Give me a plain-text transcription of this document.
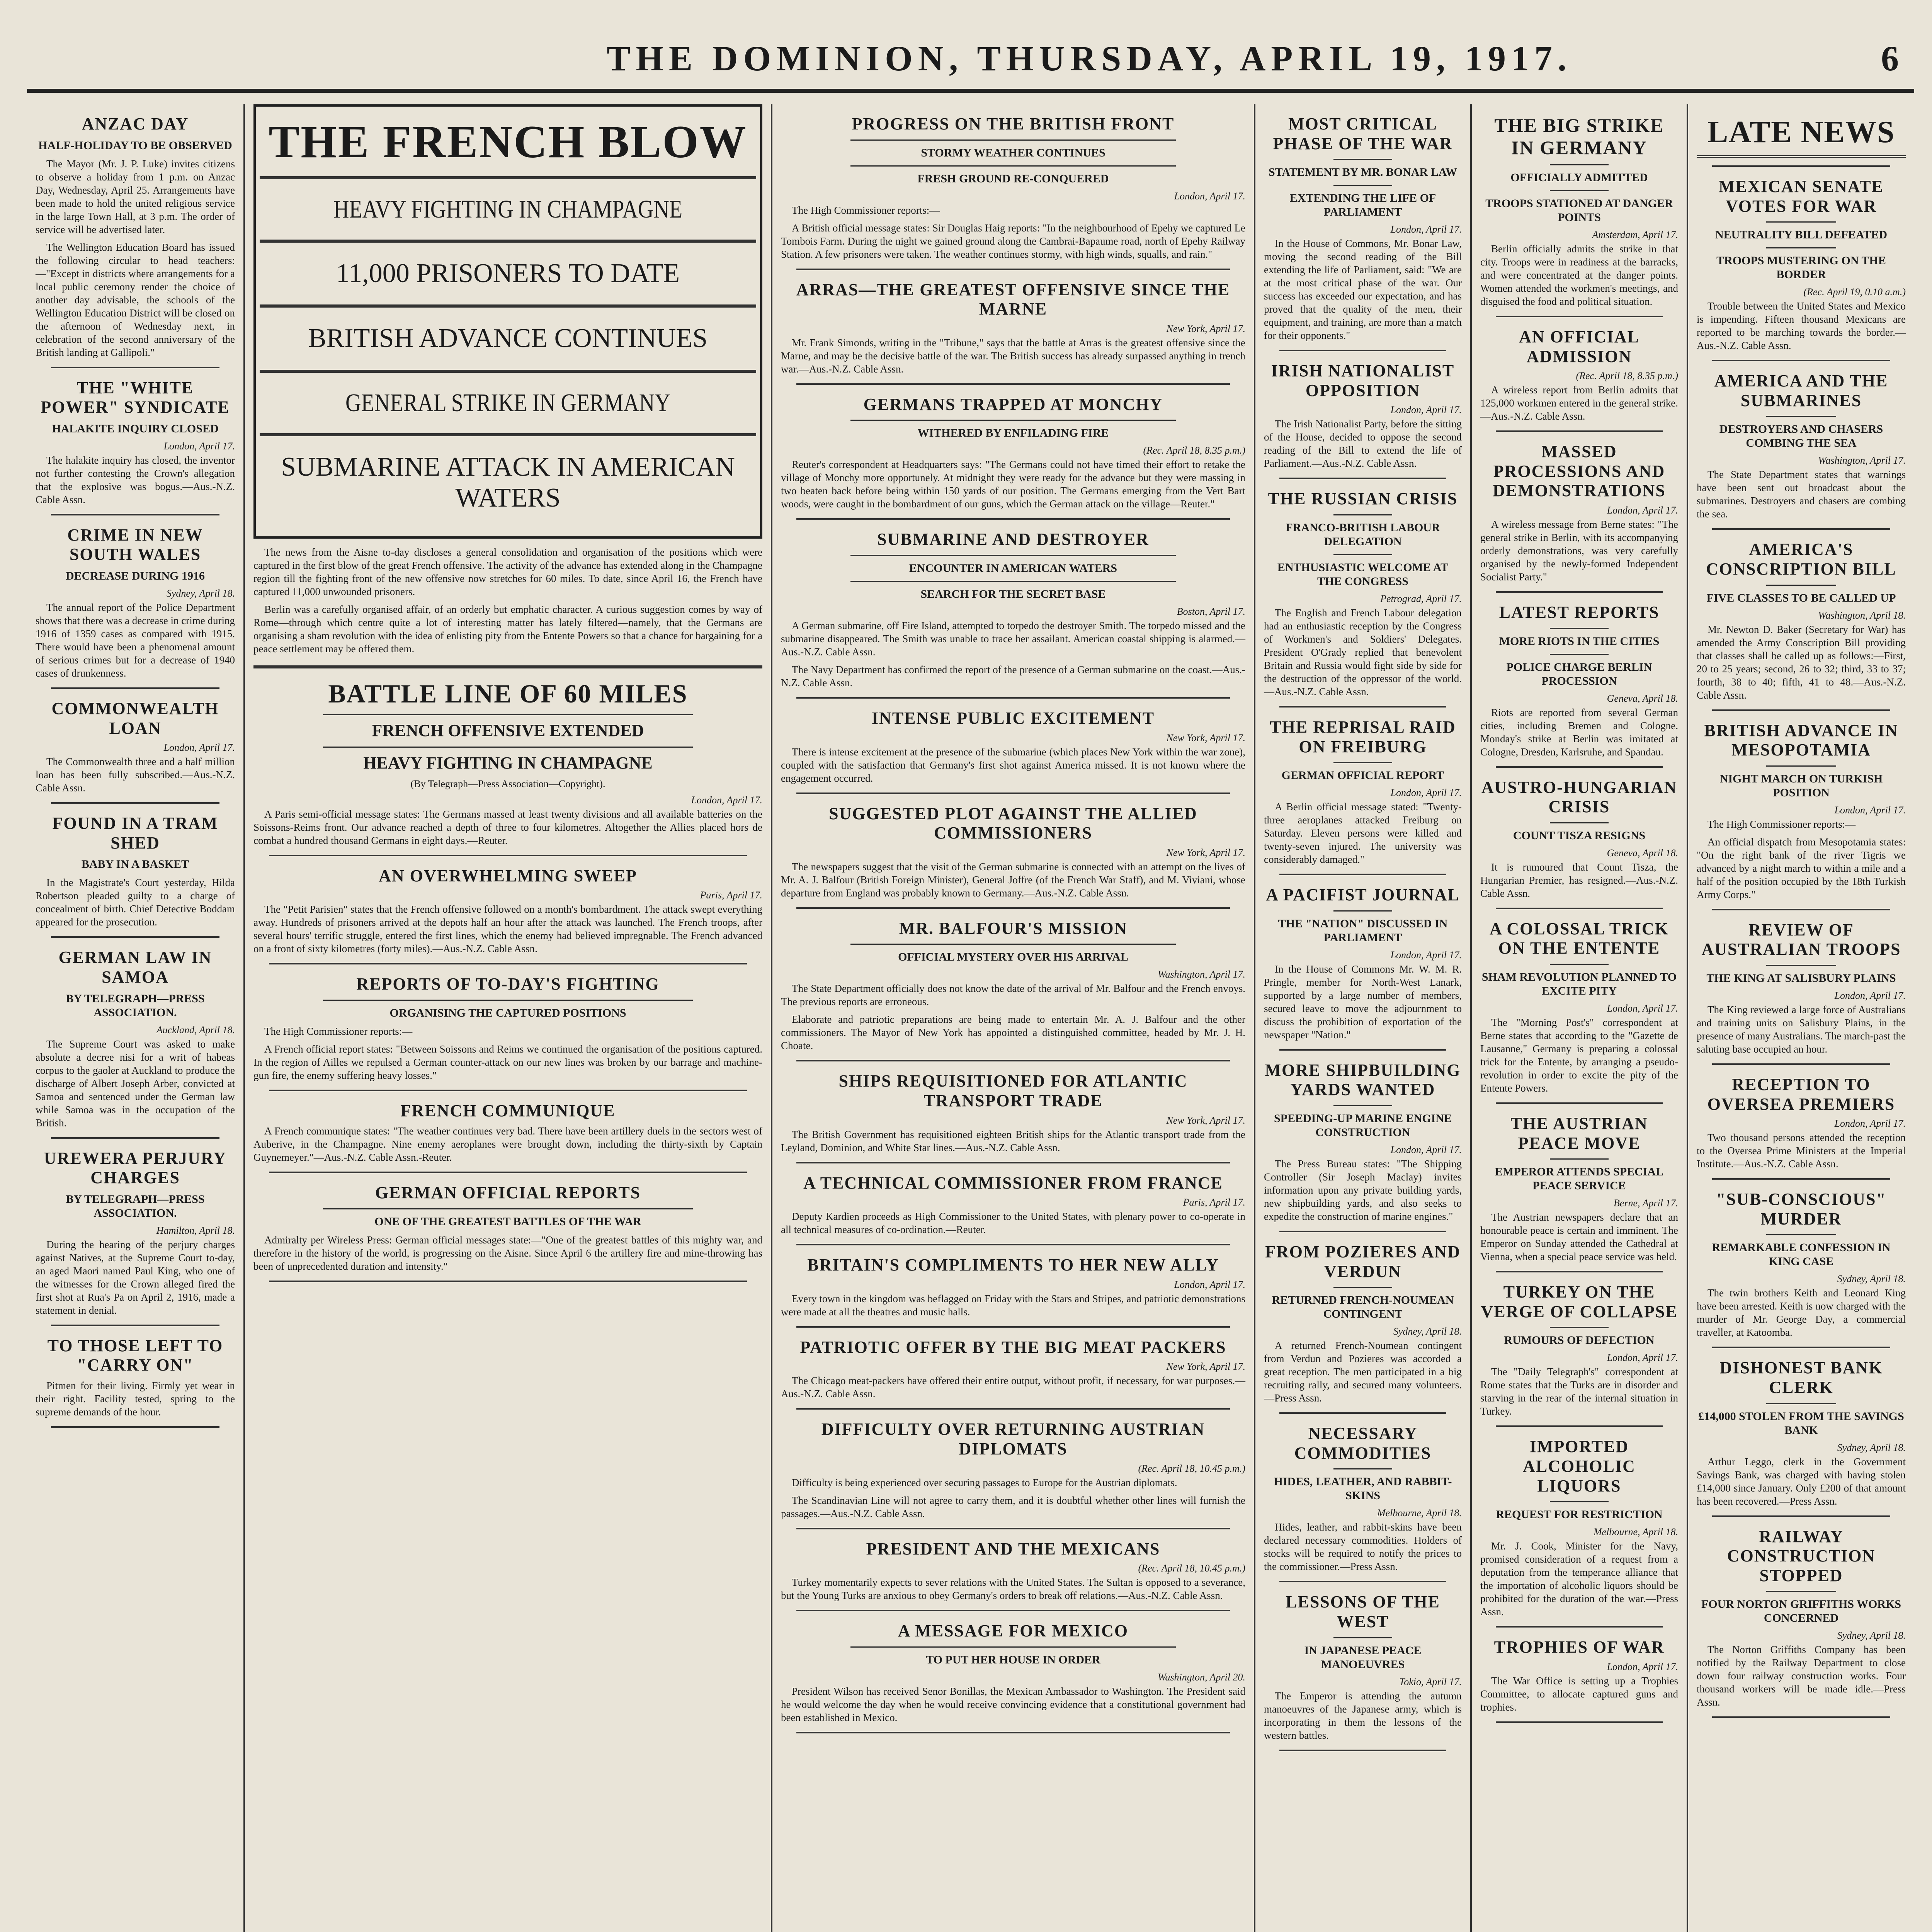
THE DOMINION, THURSDAY, APRIL 19, 1917.	6
ANZAC DAY
HALF-HOLIDAY TO BE OBSERVED

The Mayor (Mr. J. P. Luke) invites citizens to observe a holiday from 1 p.m. on Anzac Day, Wednesday, April 25. Arrangements have been made to hold the united religious service in the large Town Hall, at 3 p.m. The order of service will be advertised later.

The Wellington Education Board has issued the following circular to head teachers:—"Except in districts where arrangements for a local public ceremony render the choice of another day advisable, the schools of the Wellington Education District will be closed on the afternoon of Wednesday next, in celebration of the second anniversary of the British landing at Gallipoli."

THE "WHITE POWER" SYNDICATE
HALAKITE INQUIRY CLOSED
London, April 17.

The halakite inquiry has closed, the inventor not further contesting the Crown's allegation that the explosive was bogus.—Aus.-N.Z. Cable Assn.

CRIME IN NEW SOUTH WALES
DECREASE DURING 1916
Sydney, April 18.

The annual report of the Police Department shows that there was a decrease in crime during 1916 of 1359 cases as compared with 1915. There would have been a phenomenal amount of serious crimes but for a decrease of 1940 cases of drunkenness.

COMMONWEALTH LOAN
London, April 17.

The Commonwealth three and a half million loan has been fully subscribed.—Aus.-N.Z. Cable Assn.

FOUND IN A TRAM SHED
BABY IN A BASKET

In the Magistrate's Court yesterday, Hilda Robertson pleaded guilty to a charge of concealment of birth. Chief Detective Boddam appeared for the prosecution.

GERMAN LAW IN SAMOA
BY TELEGRAPH—PRESS ASSOCIATION.
Auckland, April 18.

The Supreme Court was asked to make absolute a decree nisi for a writ of habeas corpus to the gaoler at Auckland to produce the discharge of Albert Joseph Arber, convicted at Samoa and sentenced under the German law while Samoa was in the occupation of the British.

UREWERA PERJURY CHARGES
BY TELEGRAPH—PRESS ASSOCIATION.
Hamilton, April 18.

During the hearing of the perjury charges against Natives, at the Supreme Court to-day, an aged Maori named Paul King, who one of the witnesses for the Crown alleged fired the first shot at Rua's Pa on April 2, 1916, made a statement in denial.

TO THOSE LEFT TO "CARRY ON"

Pitmen for their living. Firmly yet wear in their right. Facility tested, spring to the supreme demands of the hour.

THE FRENCH BLOW
HEAVY FIGHTING IN CHAMPAGNE
11,000 PRISONERS TO DATE
BRITISH ADVANCE CONTINUES
GENERAL STRIKE IN GERMANY
SUBMARINE ATTACK IN AMERICAN WATERS

The news from the Aisne to-day discloses a general consolidation and organisation of the positions which were captured in the first blow of the great French offensive. The activity of the advance has extended along in the Champagne region till the fighting front of the new offensive now stretches for 60 miles. To date, since April 16, the French have captured 11,000 unwounded prisoners.

Berlin was a carefully organised affair, of an orderly but emphatic character. A curious suggestion comes by way of Rome—through which centre quite a lot of interesting matter has lately filtered—namely, that the Germans are organising a sham revolution with the idea of enlisting pity from the Entente Powers so that a chance for bargaining for a peace settlement may be offered them.

BATTLE LINE OF 60 MILES
FRENCH OFFENSIVE EXTENDED
HEAVY FIGHTING IN CHAMPAGNE
(By Telegraph—Press Association—Copyright).
London, April 17.

A Paris semi-official message states: The Germans massed at least twenty divisions and all available batteries on the Soissons-Reims front. Our advance reached a depth of three to four kilometres. Altogether the Allies placed hors de combat a hundred thousand Germans in eight days.—Reuter.

AN OVERWHELMING SWEEP
Paris, April 17.

The "Petit Parisien" states that the French offensive followed on a month's bombardment. The attack swept everything away. Hundreds of prisoners arrived at the depots half an hour after the attack was launched. The French troops, after several hours' terrific struggle, entered the first lines, which the enemy had believed impregnable. The French advanced on a front of sixty kilometres (forty miles).—Aus.-N.Z. Cable Assn.

REPORTS OF TO-DAY'S FIGHTING
ORGANISING THE CAPTURED POSITIONS

The High Commissioner reports:—

A French official report states: "Between Soissons and Reims we continued the organisation of the positions captured. In the region of Ailles we repulsed a German counter-attack on our new lines was broken by our barrage and machine-gun fire, the enemy suffering heavy losses."

FRENCH COMMUNIQUE

A French communique states: "The weather continues very bad. There have been artillery duels in the sectors west of Auberive, in the Champagne. Nine enemy aeroplanes were brought down, including the thirty-sixth by Captain Guynemeyer."—Aus.-N.Z. Cable Assn.-Reuter.

GERMAN OFFICIAL REPORTS
ONE OF THE GREATEST BATTLES OF THE WAR

Admiralty per Wireless Press: German official messages state:—"One of the greatest battles of this mighty war, and therefore in the history of the world, is progressing on the Aisne. Since April 6 the artillery fire and mine-throwing has been of unprecedented duration and intensity."

PROGRESS ON THE BRITISH FRONT
STORMY WEATHER CONTINUES
FRESH GROUND RE-CONQUERED
London, April 17.

The High Commissioner reports:—

A British official message states: Sir Douglas Haig reports: "In the neighbourhood of Epehy we captured Le Tombois Farm. During the night we gained ground along the Cambrai-Bapaume road, north of Epehy Railway Station. A few prisoners were taken. The weather continues stormy, with high winds, squalls, and rain."

ARRAS—THE GREATEST OFFENSIVE SINCE THE MARNE
New York, April 17.

Mr. Frank Simonds, writing in the "Tribune," says that the battle at Arras is the greatest offensive since the Marne, and may be the decisive battle of the war. The British success has already surpassed anything in trench war.—Aus.-N.Z. Cable Assn.

GERMANS TRAPPED AT MONCHY
WITHERED BY ENFILADING FIRE
(Rec. April 18, 8.35 p.m.)

Reuter's correspondent at Headquarters says: "The Germans could not have timed their effort to retake the village of Monchy more opportunely. At midnight they were ready for the advance but they were massing in two beaten back before being within 150 yards of our position. The Germans emerging from the Vert Bart woods, were caught in the bombardment of our guns, which the German attack on the village—Reuter."

SUBMARINE AND DESTROYER
ENCOUNTER IN AMERICAN WATERS
SEARCH FOR THE SECRET BASE
Boston, April 17.

A German submarine, off Fire Island, attempted to torpedo the destroyer Smith. The torpedo missed and the submarine disappeared. The Smith was unable to trace her assailant. American coastal shipping is alarmed.—Aus.-N.Z. Cable Assn.

The Navy Department has confirmed the report of the presence of a German submarine on the coast.—Aus.-N.Z. Cable Assn.

INTENSE PUBLIC EXCITEMENT
New York, April 17.

There is intense excitement at the presence of the submarine (which places New York within the war zone), coupled with the satisfaction that Germany's first shot against America missed. It is not known where the engagement occurred.

SUGGESTED PLOT AGAINST THE ALLIED COMMISSIONERS
New York, April 17.

The newspapers suggest that the visit of the German submarine is connected with an attempt on the lives of Mr. A. J. Balfour (British Foreign Minister), General Joffre (of the French War Staff), and M. Viviani, whose departure from England was probably known to Germany.—Aus.-N.Z. Cable Assn.

MR. BALFOUR'S MISSION
OFFICIAL MYSTERY OVER HIS ARRIVAL
Washington, April 17.

The State Department officially does not know the date of the arrival of Mr. Balfour and the French envoys. The previous reports are erroneous.

Elaborate and patriotic preparations are being made to entertain Mr. A. J. Balfour and the other commissioners. The Mayor of New York has appointed a distinguished committee, headed by Mr. J. H. Choate.

SHIPS REQUISITIONED FOR ATLANTIC TRANSPORT TRADE
New York, April 17.

The British Government has requisitioned eighteen British ships for the Atlantic transport trade from the Leyland, Dominion, and White Star lines.—Aus.-N.Z. Cable Assn.

A TECHNICAL COMMISSIONER FROM FRANCE
Paris, April 17.

Deputy Kardien proceeds as High Commissioner to the United States, with plenary power to co-operate in all technical measures of co-ordination.—Reuter.

BRITAIN'S COMPLIMENTS TO HER NEW ALLY
London, April 17.

Every town in the kingdom was beflagged on Friday with the Stars and Stripes, and patriotic demonstrations were made at all the theatres and music halls.

PATRIOTIC OFFER BY THE BIG MEAT PACKERS
New York, April 17.

The Chicago meat-packers have offered their entire output, without profit, if necessary, for war purposes.—Aus.-N.Z. Cable Assn.

DIFFICULTY OVER RETURNING AUSTRIAN DIPLOMATS
(Rec. April 18, 10.45 p.m.)

Difficulty is being experienced over securing passages to Europe for the Austrian diplomats.

The Scandinavian Line will not agree to carry them, and it is doubtful whether other lines will furnish the passages.—Aus.-N.Z. Cable Assn.

PRESIDENT AND THE MEXICANS
(Rec. April 18, 10.45 p.m.)

Turkey momentarily expects to sever relations with the United States. The Sultan is opposed to a severance, but the Young Turks are anxious to obey Germany's orders to break off relations.—Aus.-N.Z. Cable Assn.

A MESSAGE FOR MEXICO
TO PUT HER HOUSE IN ORDER
Washington, April 20.

President Wilson has received Senor Bonillas, the Mexican Ambassador to Washington. The President said he would welcome the day when he would receive convincing evidence that a constitutional government had been established in Mexico.

MOST CRITICAL PHASE OF THE WAR
STATEMENT BY MR. BONAR LAW
EXTENDING THE LIFE OF PARLIAMENT
London, April 17.

In the House of Commons, Mr. Bonar Law, moving the second reading of the Bill extending the life of Parliament, said: "We are at the most critical phase of the war. Our success has exceeded our expectation, and has proved that the quality of the men, their equipment, and training, are more than a match for their opponents."

IRISH NATIONALIST OPPOSITION
London, April 17.

The Irish Nationalist Party, before the sitting of the House, decided to oppose the second reading of the Bill to extend the life of Parliament.—Aus.-N.Z. Cable Assn.

THE RUSSIAN CRISIS
FRANCO-BRITISH LABOUR DELEGATION
ENTHUSIASTIC WELCOME AT THE CONGRESS
Petrograd, April 17.

The English and French Labour delegation had an enthusiastic reception by the Congress of Workmen's and Soldiers' Delegates. President O'Grady replied that benevolent Britain and Russia would fight side by side for the destruction of the oppressor of the world.—Aus.-N.Z. Cable Assn.

THE REPRISAL RAID ON FREIBURG
GERMAN OFFICIAL REPORT
London, April 17.

A Berlin official message stated: "Twenty-three aeroplanes attacked Freiburg on Saturday. Eleven persons were killed and twenty-seven injured. The university was considerably damaged."

A PACIFIST JOURNAL
THE "NATION" DISCUSSED IN PARLIAMENT
London, April 17.

In the House of Commons Mr. W. M. R. Pringle, member for North-West Lanark, supported by a large number of members, secured leave to move the adjournment to discuss the prohibition of exportation of the newspaper "Nation."

MORE SHIPBUILDING YARDS WANTED
SPEEDING-UP MARINE ENGINE CONSTRUCTION
London, April 17.

The Press Bureau states: "The Shipping Controller (Sir Joseph Maclay) invites information upon any private building yards, new shipbuilding yards, and also seeks to expedite the construction of marine engines."

FROM POZIERES AND VERDUN
RETURNED FRENCH-NOUMEAN CONTINGENT
Sydney, April 18.

A returned French-Noumean contingent from Verdun and Pozieres was accorded a great reception. The men participated in a big recruiting rally, and secured many volunteers.—Press Assn.

NECESSARY COMMODITIES
HIDES, LEATHER, AND RABBIT-SKINS
Melbourne, April 18.

Hides, leather, and rabbit-skins have been declared necessary commodities. Holders of stocks will be required to notify the prices to the commissioner.—Press Assn.

LESSONS OF THE WEST
IN JAPANESE PEACE MANOEUVRES
Tokio, April 17.

The Emperor is attending the autumn manoeuvres of the Japanese army, which is incorporating in them the lessons of the western battles.

THE BIG STRIKE IN GERMANY
OFFICIALLY ADMITTED
TROOPS STATIONED AT DANGER POINTS
Amsterdam, April 17.

Berlin officially admits the strike in that city. Troops were in readiness at the barracks, and were concentrated at the danger points. Women attended the workmen's meetings, and disguised the food and political situation.

AN OFFICIAL ADMISSION
(Rec. April 18, 8.35 p.m.)

A wireless report from Berlin admits that 125,000 workmen entered in the general strike.—Aus.-N.Z. Cable Assn.

MASSED PROCESSIONS AND DEMONSTRATIONS
London, April 17.

A wireless message from Berne states: "The general strike in Berlin, with its accompanying orderly demonstrations, was very carefully organised by the newly-formed Independent Socialist Party."

LATEST REPORTS
MORE RIOTS IN THE CITIES
POLICE CHARGE BERLIN PROCESSION
Geneva, April 18.

Riots are reported from several German cities, including Bremen and Cologne. Monday's strike at Berlin was imitated at Cologne, Dresden, Karlsruhe, and Spandau.

AUSTRO-HUNGARIAN CRISIS
COUNT TISZA RESIGNS
Geneva, April 18.

It is rumoured that Count Tisza, the Hungarian Premier, has resigned.—Aus.-N.Z. Cable Assn.

A COLOSSAL TRICK ON THE ENTENTE
SHAM REVOLUTION PLANNED TO EXCITE PITY
London, April 17.

The "Morning Post's" correspondent at Berne states that according to the "Gazette de Lausanne," Germany is preparing a colossal trick for the Entente, by arranging a pseudo-revolution in order to excite the pity of the Entente Powers.

THE AUSTRIAN PEACE MOVE
EMPEROR ATTENDS SPECIAL PEACE SERVICE
Berne, April 17.

The Austrian newspapers declare that an honourable peace is certain and imminent. The Emperor on Sunday attended the Cathedral at Vienna, when a special peace service was held.

TURKEY ON THE VERGE OF COLLAPSE
RUMOURS OF DEFECTION
London, April 17.

The "Daily Telegraph's" correspondent at Rome states that the Turks are in disorder and starving in the rear of the internal situation in Turkey.

IMPORTED ALCOHOLIC LIQUORS
REQUEST FOR RESTRICTION
Melbourne, April 18.

Mr. J. Cook, Minister for the Navy, promised consideration of a request from a deputation from the temperance alliance that the importation of alcoholic liquors should be prohibited for the duration of the war.—Press Assn.

TROPHIES OF WAR
London, April 17.

The War Office is setting up a Trophies Committee, to allocate captured guns and trophies.

LATE NEWS
MEXICAN SENATE VOTES FOR WAR
NEUTRALITY BILL DEFEATED
TROOPS MUSTERING ON THE BORDER
(Rec. April 19, 0.10 a.m.)

Trouble between the United States and Mexico is impending. Fifteen thousand Mexicans are reported to be marching towards the border.—Aus.-N.Z. Cable Assn.

AMERICA AND THE SUBMARINES
DESTROYERS AND CHASERS COMBING THE SEA
Washington, April 17.

The State Department states that warnings have been sent out broadcast about the submarines. Destroyers and chasers are combing the sea.

AMERICA'S CONSCRIPTION BILL
FIVE CLASSES TO BE CALLED UP
Washington, April 18.

Mr. Newton D. Baker (Secretary for War) has amended the Army Conscription Bill providing that classes shall be called up as follows:—First, 20 to 25 years; second, 26 to 32; third, 33 to 37; fourth, 38 to 40; fifth, 41 to 48.—Aus.-N.Z. Cable Assn.

BRITISH ADVANCE IN MESOPOTAMIA
NIGHT MARCH ON TURKISH POSITION
London, April 17.

The High Commissioner reports:—

An official dispatch from Mesopotamia states: "On the right bank of the river Tigris we advanced by a night march to within a mile and a half of the position occupied by the 18th Turkish Army Corps."

REVIEW OF AUSTRALIAN TROOPS
THE KING AT SALISBURY PLAINS
London, April 17.

The King reviewed a large force of Australians and training units on Salisbury Plains, in the presence of many Australians. The march-past the saluting base occupied an hour.

RECEPTION TO OVERSEA PREMIERS
London, April 17.

Two thousand persons attended the reception to the Oversea Prime Ministers at the Imperial Institute.—Aus.-N.Z. Cable Assn.

"SUB-CONSCIOUS" MURDER
REMARKABLE CONFESSION IN KING CASE
Sydney, April 18.

The twin brothers Keith and Leonard King have been arrested. Keith is now charged with the murder of Mr. George Day, a commercial traveller, at Katoomba.

DISHONEST BANK CLERK
£14,000 STOLEN FROM THE SAVINGS BANK
Sydney, April 18.

Arthur Leggo, clerk in the Government Savings Bank, was charged with having stolen £14,000 since January. Only £200 of that amount has been recovered.—Press Assn.

RAILWAY CONSTRUCTION STOPPED
FOUR NORTON GRIFFITHS WORKS CONCERNED
Sydney, April 18.

The Norton Griffiths Company has been notified by the Railway Department to close down four railway construction works. Four thousand workers will be made idle.—Press Assn.
